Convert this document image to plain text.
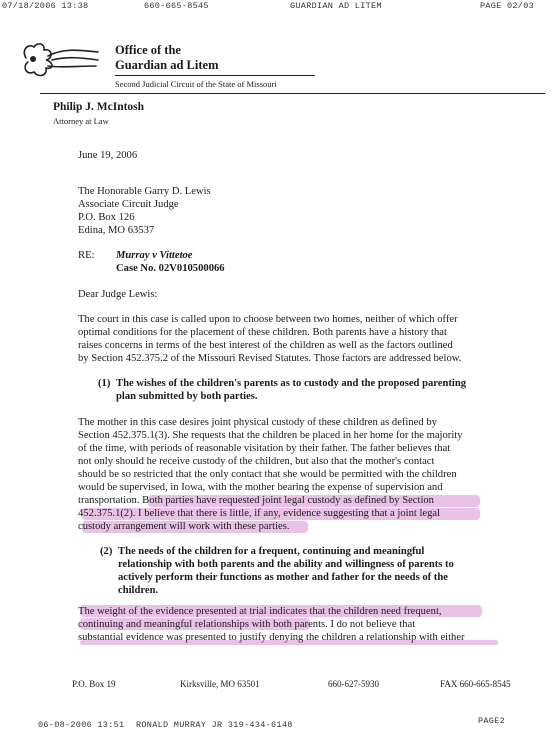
07/18/2006 13:38	660-665-8545	GUARDIAN AD LITEM	PAGE 02/03
Office of the
Guardian ad Litem
Second Judicial Circuit of the State of Missouri
Philip J. McIntosh
Attorney at Law
June 19, 2006
The Honorable Garry D. Lewis
Associate Circuit Judge
P.O. Box 126
Edina, MO 63537
RE: Murray v Vittetoe
Case No. 02V010500066
Dear Judge Lewis:
The court in this case is called upon to choose between two homes, neither of which offer
optimal conditions for the placement of these children. Both parents have a history that
raises concerns in terms of the best interest of the children as well as the factors outlined
by Section 452.375.2 of the Missouri Revised Statutes. Those factors are addressed below.
(1) The wishes of the children's parents as to custody and the proposed parenting
plan submitted by both parties.
The mother in this case desires joint physical custody of these children as defined by
Section 452.375.1(3). She requests that the children be placed in her home for the majority
of the time, with periods of reasonable visitation by their father. The father believes that
not only should he receive custody of the children, but also that the mother's contact
should be so restricted that the only contact that she would be permitted with the children
would be supervised, in Iowa, with the mother bearing the expense of supervision and
transportation. Both parties have requested joint legal custody as defined by Section
452.375.1(2). I believe that there is little, if any, evidence suggesting that a joint legal
custody arrangement will work with these parties.
(2) The needs of the children for a frequent, continuing and meaningful
relationship with both parents and the ability and willingness of parents to
actively perform their functions as mother and father for the needs of the
children.
The weight of the evidence presented at trial indicates that the children need frequent,
continuing and meaningful relationships with both parents. I do not believe that
substantial evidence was presented to justify denying the children a relationship with either
P.O. Box 19	Kirksville, MO 63501	660-627-5930	FAX 660-665-8545
06-08-2006 13:51 RONALD MURRAY JR 319-434-6148	PAGE2
